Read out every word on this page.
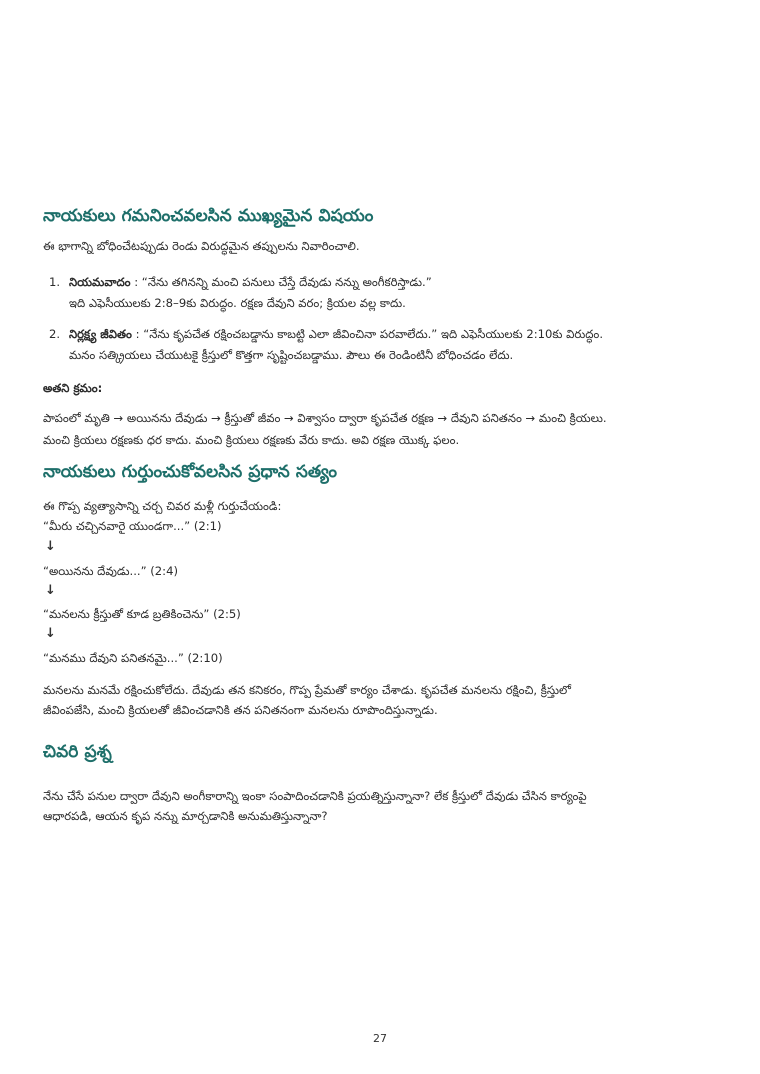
నాయకులు గమనించవలసిన ముఖ్యమైన విషయం
ఈ భాగాన్ని బోధించేటప్పుడు రెండు విరుద్ధమైన తప్పులను నివారించాలి.
1. నియమవాదం : “నేను తగినన్ని మంచి పనులు చేస్తే దేవుడు నన్ను అంగీకరిస్తాడు.”
ఇది ఎఫెసీయులకు 2:8–9కు విరుద్ధం. రక్షణ దేవుని వరం; క్రియల వల్ల కాదు.
2. నిర్లక్ష్య జీవితం : “నేను కృపచేత రక్షించబడ్డాను కాబట్టి ఎలా జీవించినా పరవాలేదు.” ఇది ఎఫెసీయులకు 2:10కు విరుద్ధం.
మనం సత్క్రియలు చేయుటకై క్రీస్తులో కొత్తగా సృష్టించబడ్డాము. పౌలు ఈ రెండింటినీ బోధించడం లేదు.
అతని క్రమం:
పాపంలో మృతి → అయినను దేవుడు → క్రీస్తుతో జీవం → విశ్వాసం ద్వారా కృపచేత రక్షణ → దేవుని పనితనం → మంచి క్రియలు.
మంచి క్రియలు రక్షణకు ధర కాదు. మంచి క్రియలు రక్షణకు వేరు కాదు. అవి రక్షణ యొక్క ఫలం.
నాయకులు గుర్తుంచుకోవలసిన ప్రధాన సత్యం
ఈ గొప్ప వ్యత్యాసాన్ని చర్చ చివర మళ్లీ గుర్తుచేయండి:
“మీరు చచ్చినవారై యుండగా...” (2:1)
↓
“అయినను దేవుడు...” (2:4)
↓
“మనలను క్రీస్తుతో కూడ బ్రతికించెను” (2:5)
↓
“మనము దేవుని పనితనమై...” (2:10)
మనలను మనమే రక్షించుకోలేదు. దేవుడు తన కనికరం, గొప్ప ప్రేమతో కార్యం చేశాడు. కృపచేత మనలను రక్షించి, క్రీస్తులో
జీవింపజేసి, మంచి క్రియలతో జీవించడానికి తన పనితనంగా మనలను రూపొందిస్తున్నాడు.
చివరి ప్రశ్న
నేను చేసే పనుల ద్వారా దేవుని అంగీకారాన్ని ఇంకా సంపాదించడానికి ప్రయత్నిస్తున్నానా? లేక క్రీస్తులో దేవుడు చేసిన కార్యంపై
ఆధారపడి, ఆయన కృప నన్ను మార్చడానికి అనుమతిస్తున్నానా?
27
